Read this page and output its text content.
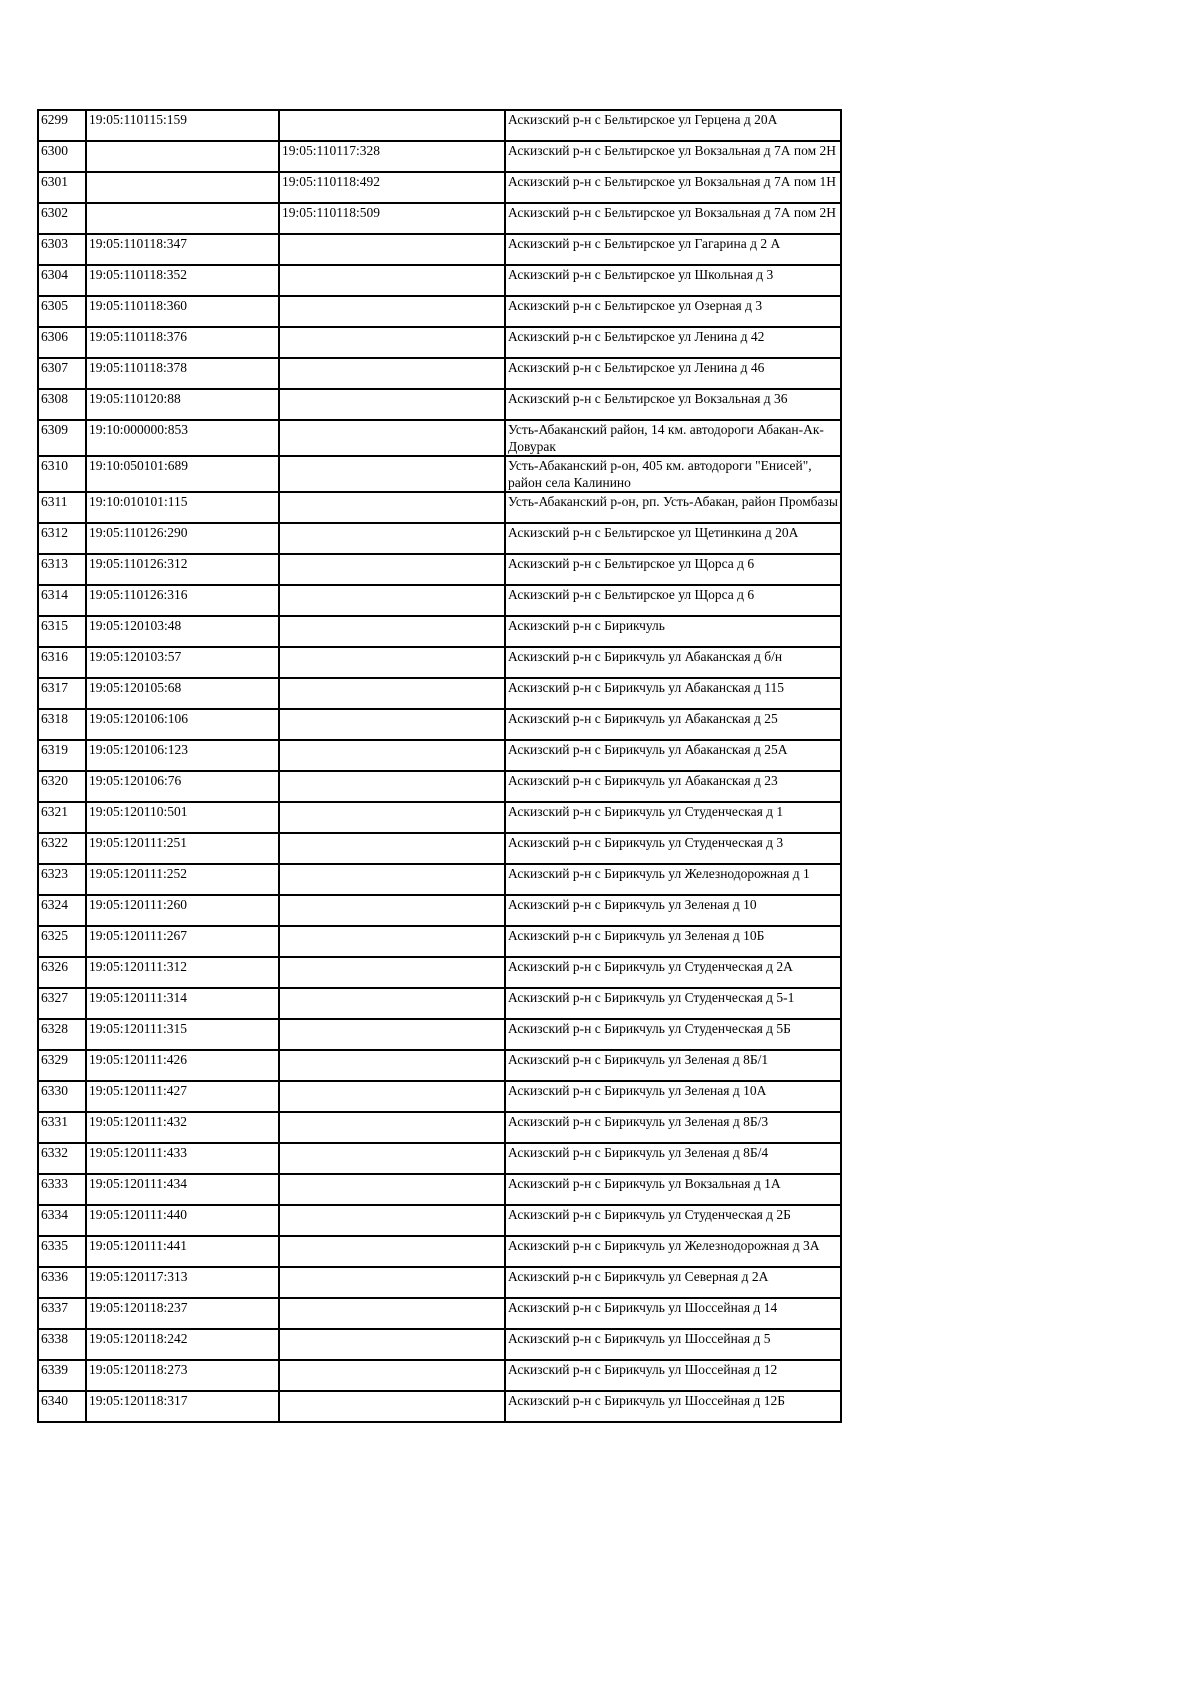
6299	19:05:110115:159		Аскизский р-н с Бельтирское ул Герцена д 20А
6300		19:05:110117:328	Аскизский р-н с Бельтирское ул Вокзальная д 7А пом 2Н
6301		19:05:110118:492	Аскизский р-н с Бельтирское ул Вокзальная д 7А пом 1Н
6302		19:05:110118:509	Аскизский р-н с Бельтирское ул Вокзальная д 7А пом 2Н
6303	19:05:110118:347		Аскизский р-н с Бельтирское ул Гагарина д 2 А
6304	19:05:110118:352		Аскизский р-н с Бельтирское ул Школьная д 3
6305	19:05:110118:360		Аскизский р-н с Бельтирское ул Озерная д 3
6306	19:05:110118:376		Аскизский р-н с Бельтирское ул Ленина д 42
6307	19:05:110118:378		Аскизский р-н с Бельтирское ул Ленина д 46
6308	19:05:110120:88		Аскизский р-н с Бельтирское ул Вокзальная д 36
6309	19:10:000000:853		Усть-Абаканский район, 14 км. автодороги Абакан-Ак-Довурак
6310	19:10:050101:689		Усть-Абаканский р-он, 405 км. автодороги "Енисей", район села Калинино
6311	19:10:010101:115		Усть-Абаканский р-он, рп. Усть-Абакан, район Промбазы
6312	19:05:110126:290		Аскизский р-н с Бельтирское ул Щетинкина д 20А
6313	19:05:110126:312		Аскизский р-н с Бельтирское ул Щорса д 6
6314	19:05:110126:316		Аскизский р-н с Бельтирское ул Щорса д 6
6315	19:05:120103:48		Аскизский р-н с Бирикчуль
6316	19:05:120103:57		Аскизский р-н с Бирикчуль ул Абаканская д б/н
6317	19:05:120105:68		Аскизский р-н с Бирикчуль ул Абаканская д 115
6318	19:05:120106:106		Аскизский р-н с Бирикчуль ул Абаканская д 25
6319	19:05:120106:123		Аскизский р-н с Бирикчуль ул Абаканская д 25А
6320	19:05:120106:76		Аскизский р-н с Бирикчуль ул Абаканская д 23
6321	19:05:120110:501		Аскизский р-н с Бирикчуль ул Студенческая д 1
6322	19:05:120111:251		Аскизский р-н с Бирикчуль ул Студенческая д 3
6323	19:05:120111:252		Аскизский р-н с Бирикчуль ул Железнодорожная д 1
6324	19:05:120111:260		Аскизский р-н с Бирикчуль ул Зеленая д 10
6325	19:05:120111:267		Аскизский р-н с Бирикчуль ул Зеленая д 10Б
6326	19:05:120111:312		Аскизский р-н с Бирикчуль ул Студенческая д 2А
6327	19:05:120111:314		Аскизский р-н с Бирикчуль ул Студенческая д 5-1
6328	19:05:120111:315		Аскизский р-н с Бирикчуль ул Студенческая д 5Б
6329	19:05:120111:426		Аскизский р-н с Бирикчуль ул Зеленая д 8Б/1
6330	19:05:120111:427		Аскизский р-н с Бирикчуль ул Зеленая д 10А
6331	19:05:120111:432		Аскизский р-н с Бирикчуль ул Зеленая д 8Б/3
6332	19:05:120111:433		Аскизский р-н с Бирикчуль ул Зеленая д 8Б/4
6333	19:05:120111:434		Аскизский р-н с Бирикчуль ул Вокзальная д 1А
6334	19:05:120111:440		Аскизский р-н с Бирикчуль ул Студенческая д 2Б
6335	19:05:120111:441		Аскизский р-н с Бирикчуль ул Железнодорожная д 3А
6336	19:05:120117:313		Аскизский р-н с Бирикчуль ул Северная д 2А
6337	19:05:120118:237		Аскизский р-н с Бирикчуль ул Шоссейная д 14
6338	19:05:120118:242		Аскизский р-н с Бирикчуль ул Шоссейная д 5
6339	19:05:120118:273		Аскизский р-н с Бирикчуль ул Шоссейная д 12
6340	19:05:120118:317		Аскизский р-н с Бирикчуль ул Шоссейная д 12Б
